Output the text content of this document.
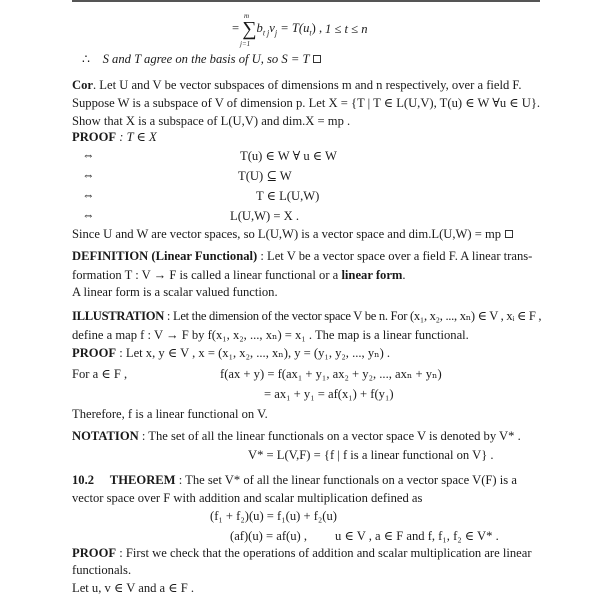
= $\sum b_{t j}v_j = T(u_t)$ ,
m
j=1
1 ≤ t ≤ n
∴ S and T agree on the basis of U, so S = T
Cor. Let U and V be vector subspaces of dimensions m and n respectively, over a field F.
Suppose W is a subspace of V of dimension p. Let X = {T | T ∈ L(U,V), T(u) ∈ W ∀u ∈ U}.
Show that X is a subspace of L(U,V) and dim.X = mp .
PROOF : T ∈ X
⇔	T(u) ∈ W ∀ u ∈ W
⇔	T(U) ⊆ W
⇔	T ∈ L(U,W)
⇔	L(U,W) = X .
Since U and W are vector spaces, so L(U,W) is a vector space and dim.L(U,W) = mp
DEFINITION (Linear Functional) : Let V be a vector space over a field F. A linear trans-
formation T : V → F is called a linear functional or a linear form.
A linear form is a scalar valued function.
ILLUSTRATION : Let the dimension of the vector space V be n. For (x₁, x₂, ..., xₙ) ∈ V , xᵢ ∈ F ,
define a map f : V → F by f(x₁, x₂, ..., xₙ) = x₁ . The map is a linear functional.
PROOF : Let x, y ∈ V , x = (x₁, x₂, ..., xₙ), y = (y₁, y₂, ..., yₙ) .
For a ∈ F ,	f(ax + y) = f(ax₁ + y₁, ax₂ + y₂, ..., axₙ + yₙ)
= ax₁ + y₁ = af(x₁) + f(y₁)
Therefore, f is a linear functional on V.
NOTATION : The set of all the linear functionals on a vector space V is denoted by V* .
V* = L(V,F) = {f | f is a linear functional on V} .
10.2 THEOREM : The set V* of all the linear functionals on a vector space V(F) is a
vector space over F with addition and scalar multiplication defined as
(f₁ + f₂)(u) = f₁(u) + f₂(u)
(af)(u) = af(u) , u ∈ V , a ∈ F and f, f₁, f₂ ∈ V* .
PROOF : First we check that the operations of addition and scalar multiplication are linear
functionals.
Let u, v ∈ V and a ∈ F .
